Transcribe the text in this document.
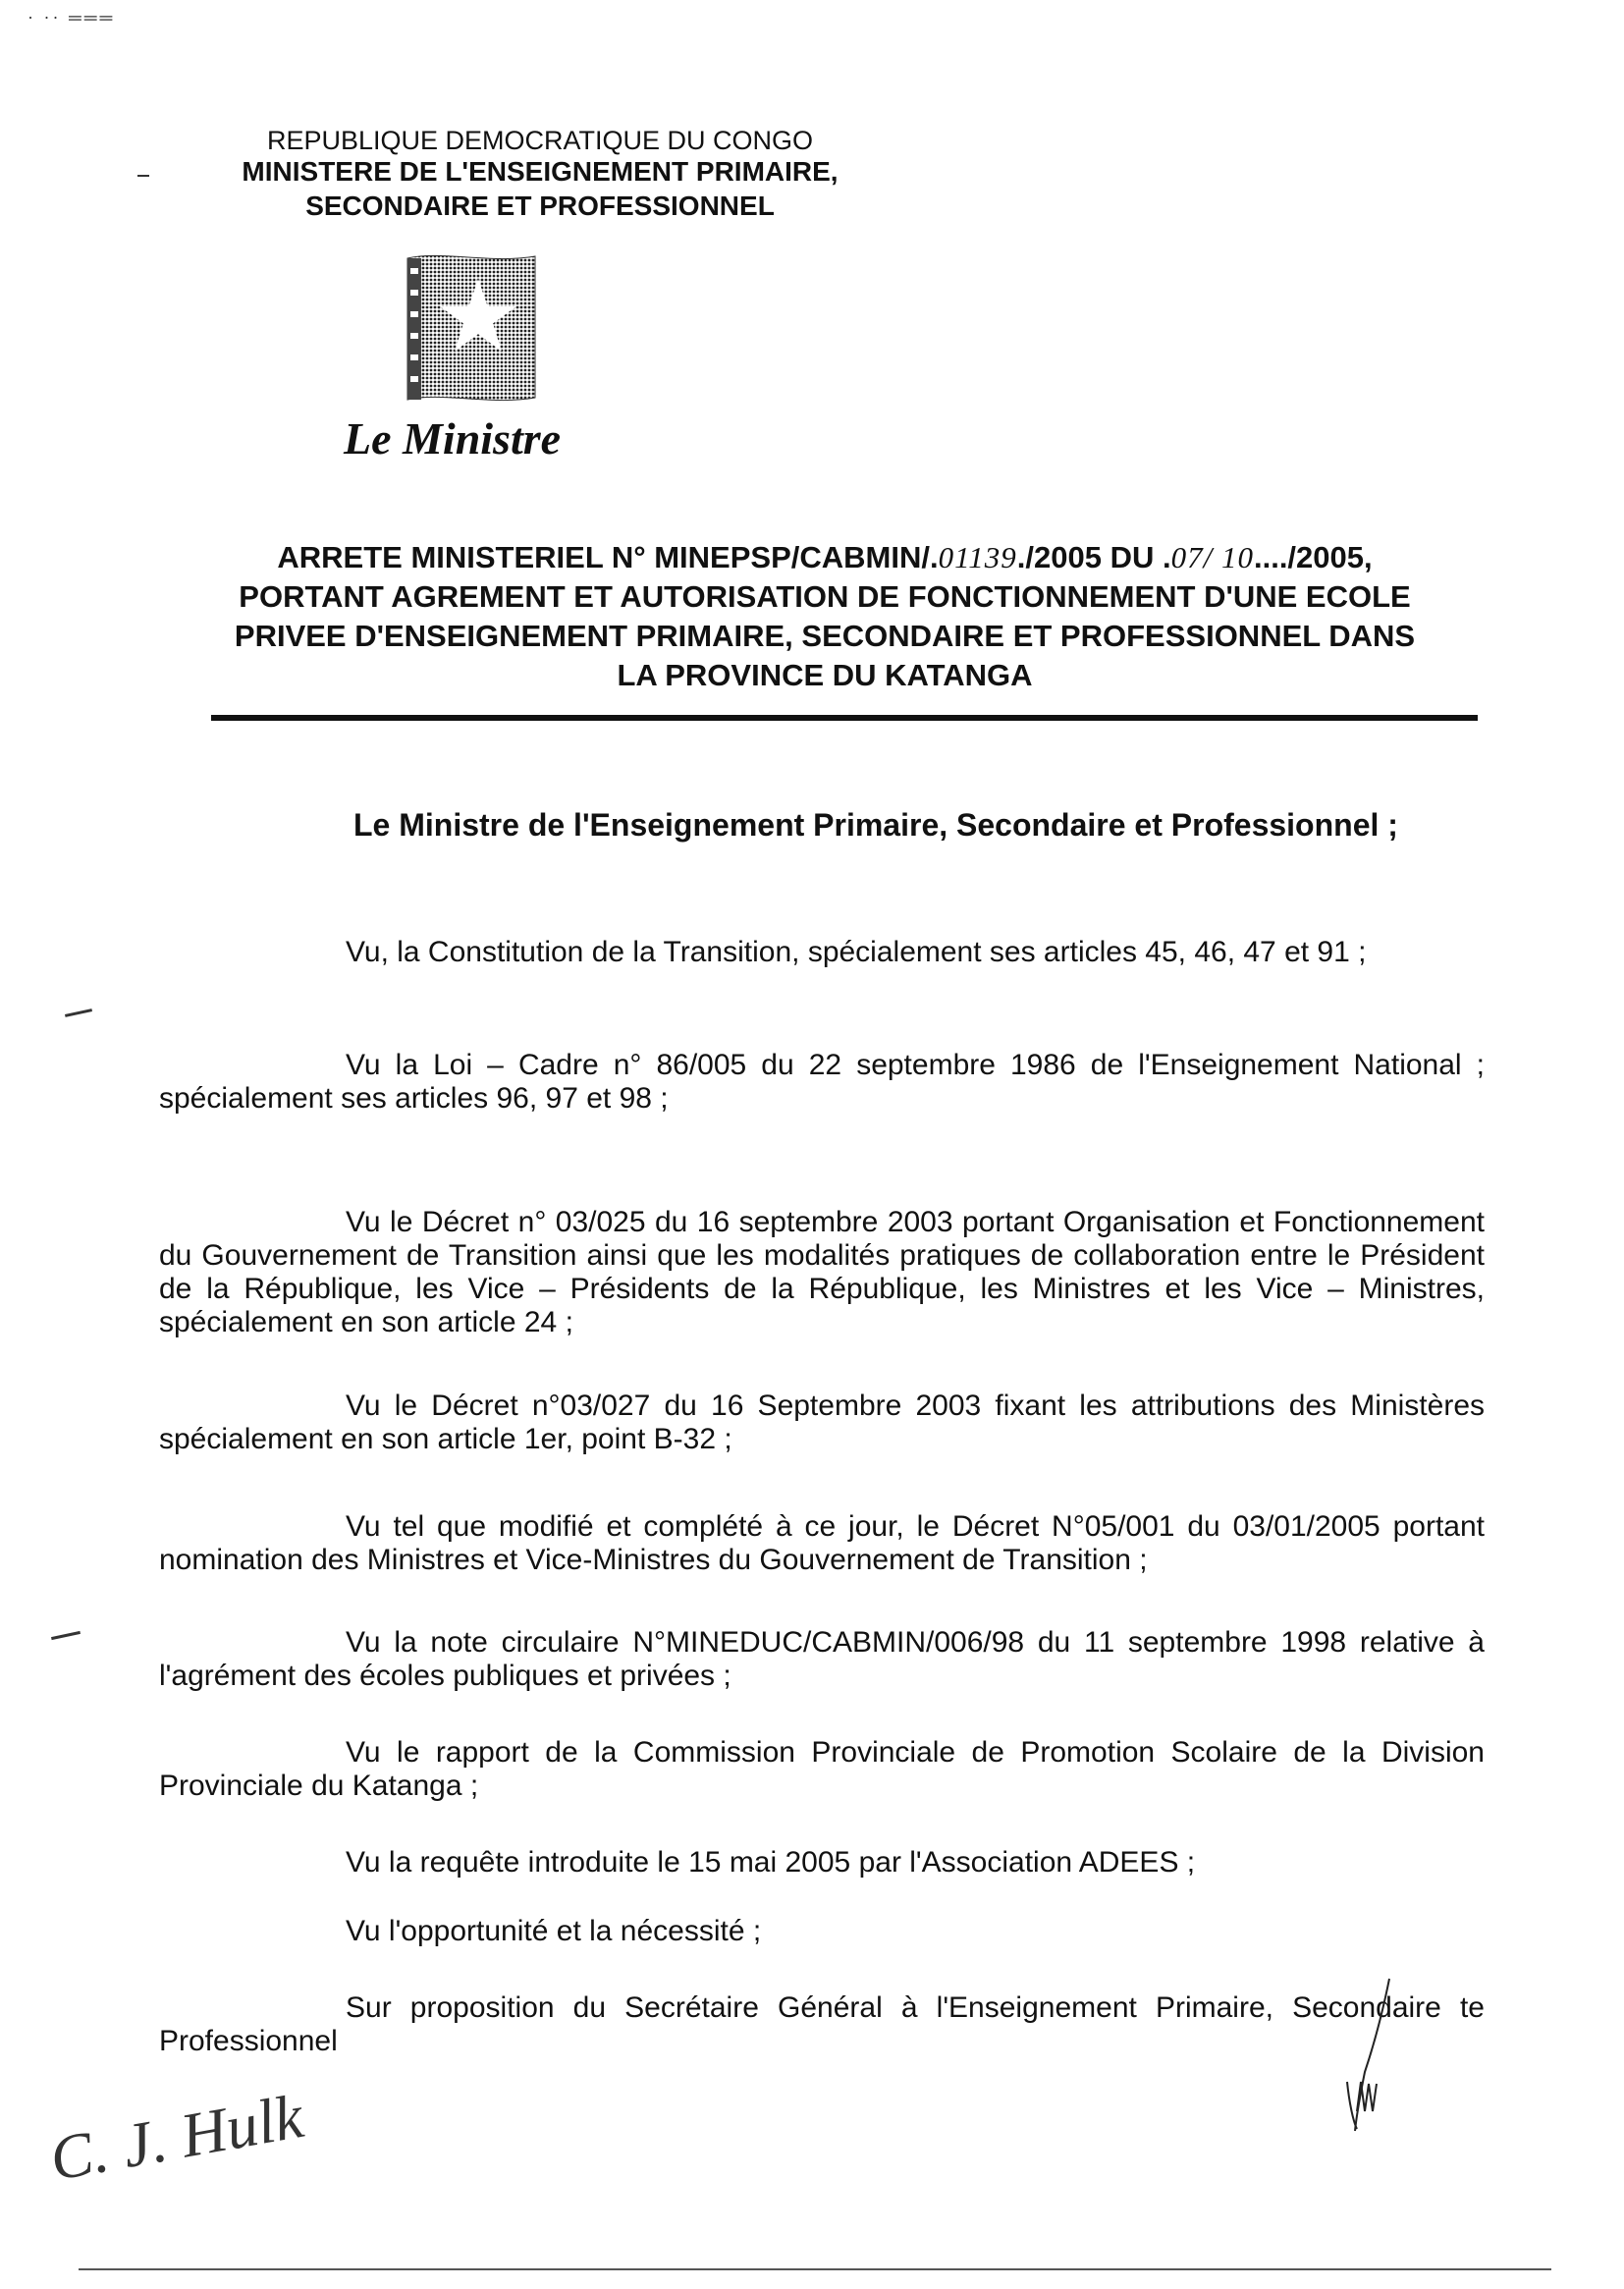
· ·· ═══
REPUBLIQUE DEMOCRATIQUE DU CONGO
MINISTERE DE L'ENSEIGNEMENT PRIMAIRE,
SECONDAIRE ET PROFESSIONNEL
Le Ministre
ARRETE MINISTERIEL N° MINEPSP/CABMIN/.01139./2005 DU .07/ 10..../2005,
PORTANT AGREMENT ET AUTORISATION DE FONCTIONNEMENT D'UNE ECOLE
PRIVEE D'ENSEIGNEMENT PRIMAIRE, SECONDAIRE ET PROFESSIONNEL DANS
LA PROVINCE DU KATANGA
Le Ministre de l'Enseignement Primaire, Secondaire et Professionnel ;
Vu, la Constitution de la Transition, spécialement ses articles 45, 46, 47 et 91 ;
Vu la Loi – Cadre n° 86/005 du 22 septembre 1986 de l'Enseignement National ; spécialement ses articles 96, 97 et 98 ;
Vu le Décret n° 03/025 du 16 septembre 2003 portant Organisation et Fonctionnement du Gouvernement de Transition ainsi que les modalités pratiques de collaboration entre le Président de la République, les Vice – Présidents de la République, les Ministres et les Vice – Ministres, spécialement en son article 24 ;
Vu le Décret n°03/027 du 16 Septembre 2003 fixant les attributions des Ministères spécialement en son article 1er, point B-32 ;
Vu tel que modifié et complété à ce jour, le Décret N°05/001 du 03/01/2005 portant nomination des Ministres et Vice-Ministres du Gouvernement de Transition ;
Vu la note circulaire N°MINEDUC/CABMIN/006/98 du 11 septembre 1998 relative à l'agrément des écoles publiques et privées ;
Vu le rapport de la Commission Provinciale de Promotion Scolaire de la Division Provinciale du Katanga ;
Vu la requête introduite le 15 mai 2005 par l'Association ADEES ;
Vu l'opportunité et la nécessité ;
Sur proposition du Secrétaire Général à l'Enseignement Primaire, Secondaire te Professionnel
C. J. Hulk
